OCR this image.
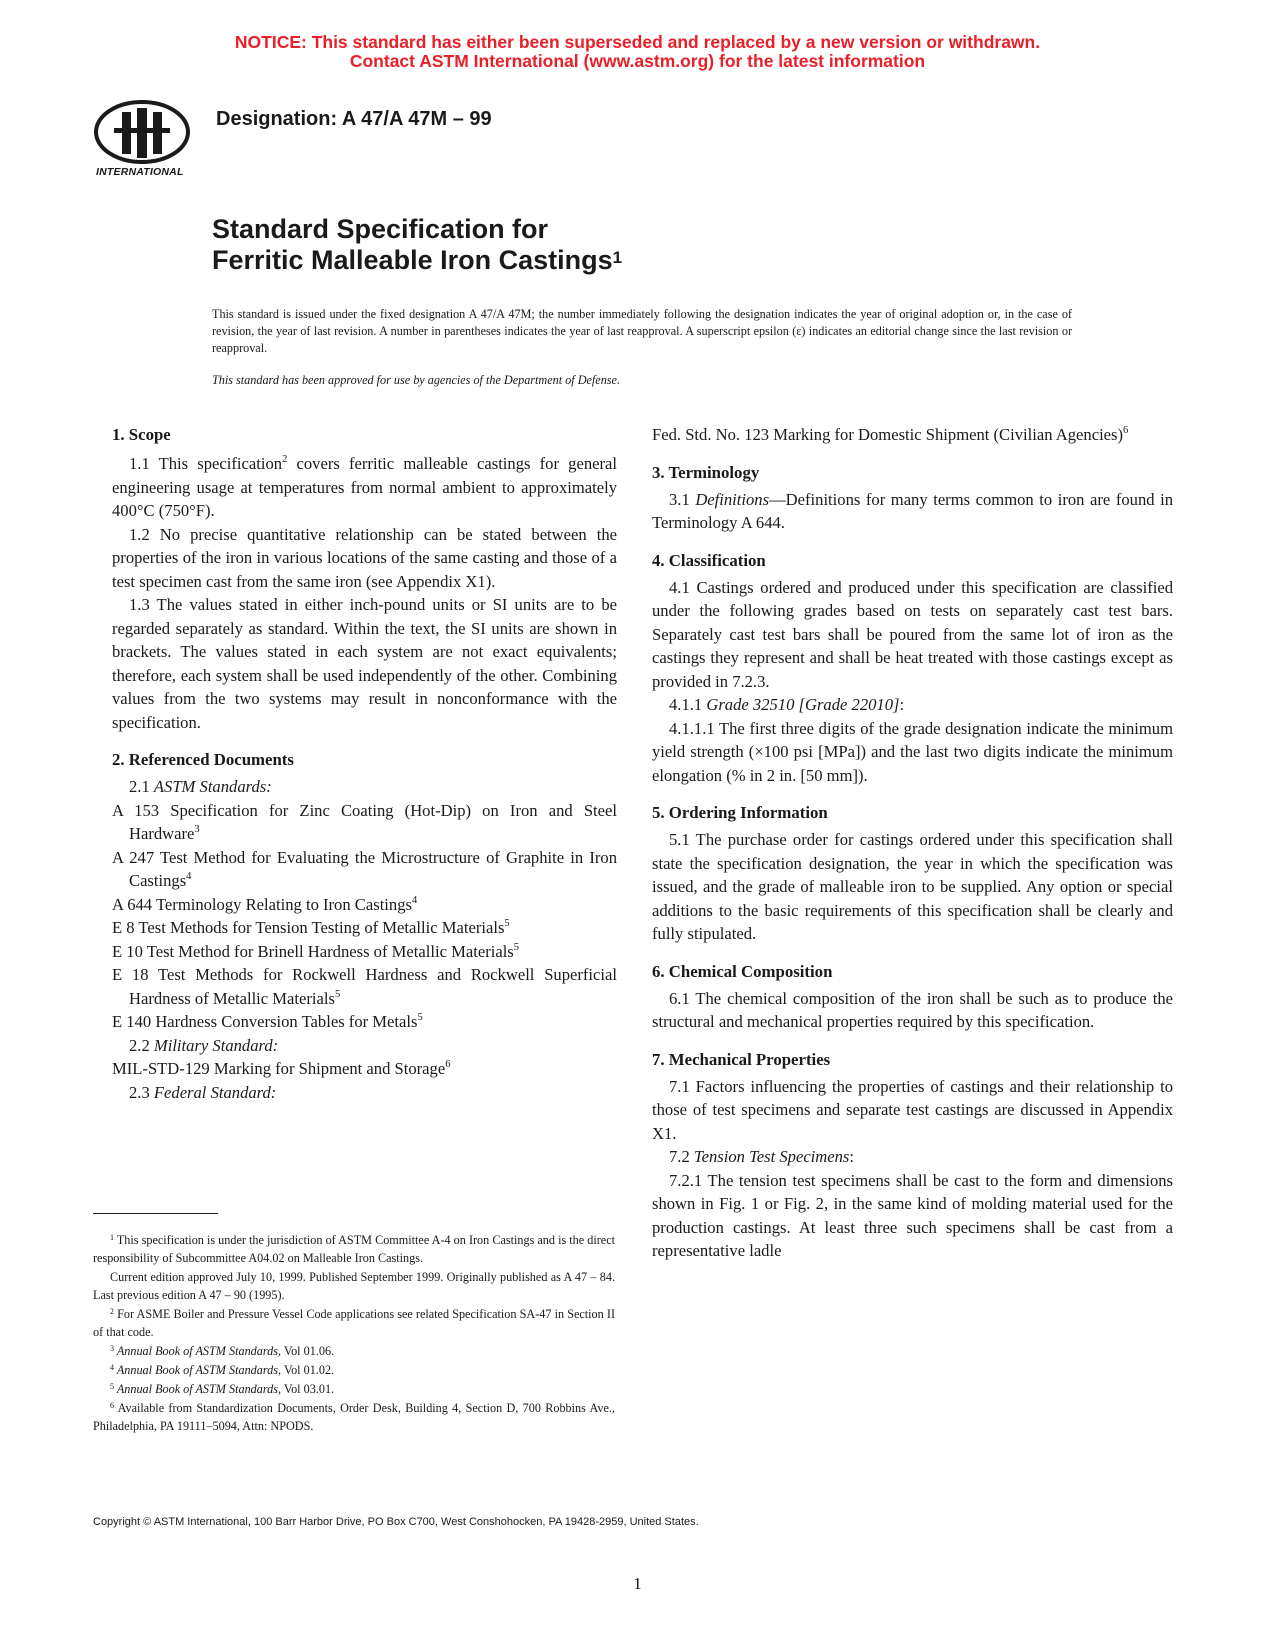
NOTICE: This standard has either been superseded and replaced by a new version or withdrawn.
Contact ASTM International (www.astm.org) for the latest information
INTERNATIONAL
Designation: A 47/A 47M – 99
Standard Specification for
Ferritic Malleable Iron Castings$^1$

This standard is issued under the fixed designation A 47/A 47M; the number immediately following the designation indicates the year of original adoption or, in the case of revision, the year of last revision. A number in parentheses indicates the year of last reapproval. A superscript epsilon (ε) indicates an editorial change since the last revision or reapproval.

This standard has been approved for use by agencies of the Department of Defense.
1. Scope

1.1 This specification$^2$ covers ferritic malleable castings for general engineering usage at temperatures from normal ambient to approximately 400°C (750°F).

1.2 No precise quantitative relationship can be stated between the properties of the iron in various locations of the same casting and those of a test specimen cast from the same iron (see Appendix X1).

1.3 The values stated in either inch-pound units or SI units are to be regarded separately as standard. Within the text, the SI units are shown in brackets. The values stated in each system are not exact equivalents; therefore, each system shall be used independently of the other. Combining values from the two systems may result in nonconformance with the specification.

2. Referenced Documents

2.1 ASTM Standards:

A 153 Specification for Zinc Coating (Hot-Dip) on Iron and Steel Hardware$^3$

A 247 Test Method for Evaluating the Microstructure of Graphite in Iron Castings$^4$

A 644 Terminology Relating to Iron Castings$^4$

E 8 Test Methods for Tension Testing of Metallic Materials$^5$

E 10 Test Method for Brinell Hardness of Metallic Materials$^5$

E 18 Test Methods for Rockwell Hardness and Rockwell Superficial Hardness of Metallic Materials$^5$

E 140 Hardness Conversion Tables for Metals$^5$

2.2 Military Standard:

MIL-STD-129 Marking for Shipment and Storage$^6$

2.3 Federal Standard:

$^1$ This specification is under the jurisdiction of ASTM Committee A-4 on Iron Castings and is the direct responsibility of Subcommittee A04.02 on Malleable Iron Castings.

Current edition approved July 10, 1999. Published September 1999. Originally published as A 47 – 84. Last previous edition A 47 – 90 (1995).

$^2$ For ASME Boiler and Pressure Vessel Code applications see related Specification SA-47 in Section II of that code.

$^3$ Annual Book of ASTM Standards, Vol 01.06.

$^4$ Annual Book of ASTM Standards, Vol 01.02.

$^5$ Annual Book of ASTM Standards, Vol 03.01.

$^6$ Available from Standardization Documents, Order Desk, Building 4, Section D, 700 Robbins Ave., Philadelphia, PA 19111–5094, Attn: NPODS.

Fed. Std. No. 123 Marking for Domestic Shipment (Civilian Agencies)$^6$

3. Terminology

3.1 Definitions—Definitions for many terms common to iron are found in Terminology A 644.

4. Classification

4.1 Castings ordered and produced under this specification are classified under the following grades based on tests on separately cast test bars. Separately cast test bars shall be poured from the same lot of iron as the castings they represent and shall be heat treated with those castings except as provided in 7.2.3.

4.1.1 Grade 32510 [Grade 22010]:

4.1.1.1 The first three digits of the grade designation indicate the minimum yield strength (×100 psi [MPa]) and the last two digits indicate the minimum elongation (% in 2 in. [50 mm]).

5. Ordering Information

5.1 The purchase order for castings ordered under this specification shall state the specification designation, the year in which the specification was issued, and the grade of malleable iron to be supplied. Any option or special additions to the basic requirements of this specification shall be clearly and fully stipulated.

6. Chemical Composition

6.1 The chemical composition of the iron shall be such as to produce the structural and mechanical properties required by this specification.

7. Mechanical Properties

7.1 Factors influencing the properties of castings and their relationship to those of test specimens and separate test castings are discussed in Appendix X1.

7.2 Tension Test Specimens:

7.2.1 The tension test specimens shall be cast to the form and dimensions shown in Fig. 1 or Fig. 2, in the same kind of molding material used for the production castings. At least three such specimens shall be cast from a representative ladle

Copyright © ASTM International, 100 Barr Harbor Drive, PO Box C700, West Conshohocken, PA 19428-2959, United States.
1
